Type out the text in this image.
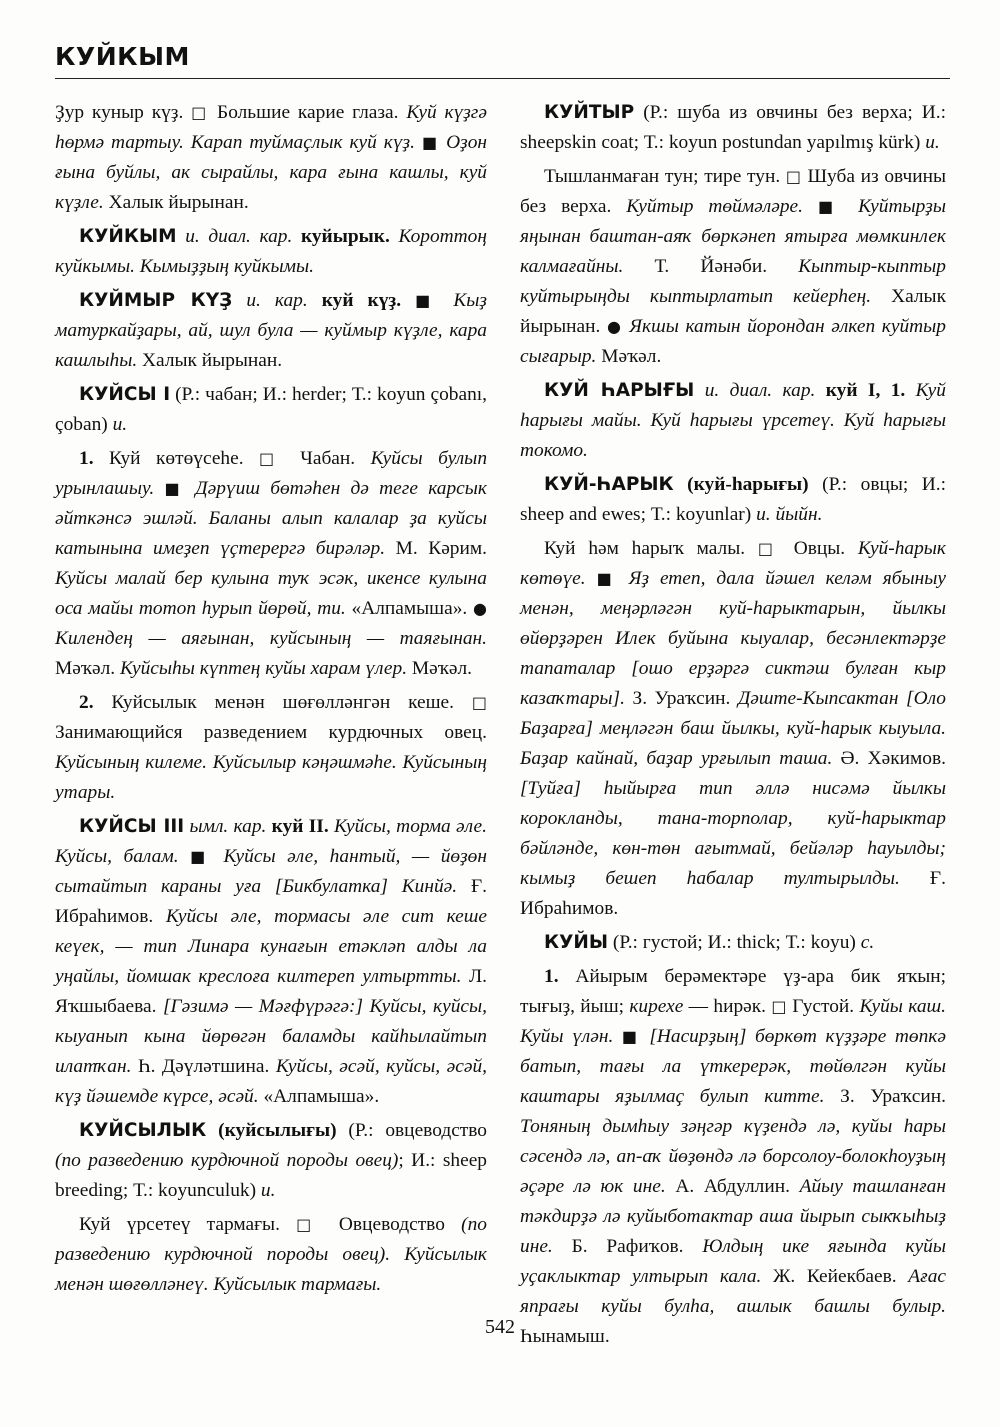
КУЙКЫМ

Ҙур куныр күҙ. □ Большие карие глаза. Куй күҙгә һөрмә тартыу. Карап туймаҫлык куй күҙ. ■ Оҙон ғына буйлы, ак сырайлы, кара ғына кашлы, куй күҙле. Халык йырынан.

КУЙКЫМ и. диал. кар. куйырык. Короттоң куйкымы. Кымыҙҙың куйкымы.

КУЙМЫР КҮҘ и. кар. куй күҙ. ■ Кыҙ матуркайҙары, ай, шул була — куймыр күҙле, кара кашлыһы. Халык йырынан.

КУЙСЫ I (Р.: чабан; И.: herder; Т.: koyun çobanı, çoban) и.

1. Куй көтөүсеһе. □ Чабан. Куйсы булып урынлашыу. ■ Дәрүиш бөтәһен дә теге карсык әйткәнсә эшләй. Баланы алып калалар ҙа куйсы катынына имеҙеп үҫтерергә бирәләр. М. Кәрим. Куйсы малай бер кулына туҡ эсәк, икенсе кулына оса майы тотоп һурып йөрөй, ти. «Алпамыша». ● Килендең — аяғынан, куйсының — таяғынан. Мәҡәл. Куйсыһы күптең куйы харам үлер. Мәҡәл.

2. Куйсылык менән шөғөлләнгән кеше. □ Занимающийся разведением курдючных овец. Куйсының килеме. Куйсылыр кәңәшмәһе. Куйсының утары.

КУЙСЫ III ымл. кар. куй II. Куйсы, торма әле. Куйсы, балам. ■ Куйсы әле, һантый, — йөҙөн сытайтып караны уға [Бикбулатка] Кинйә. Ғ. Ибраһимов. Куйсы әле, тормасы әле сит кеше кеүек, — тип Линара кунағын етәкләп алды ла уңайлы, йомшак креслоға килтереп ултыртты. Л. Яҡшыбаева. [Гәзимә — Мәғфүрәгә:] Куйсы, куйсы, кыуанып кына йөрөгән баламды кайһылайтып илатҡан. Һ. Дәүләтшина. Куйсы, әсәй, куйсы, әсәй, күҙ йәшемде күрсе, әсәй. «Алпамыша».

КУЙСЫЛЫК (куйсылығы) (Р.: овцеводство (по разведению курдючной породы овец); И.: sheep breeding; Т.: koyunculuk) и.

Куй үрсетеү тармағы. □ Овцеводство (по разведению курдючной породы овец). Куйсылык менән шөғөлләнеү. Куйсылык тармағы.

КУЙТЫР (Р.: шуба из овчины без верха; И.: sheepskin coat; Т.: koyun postundan yapılmış kürk) и.

Тышланмаған тун; тире тун. □ Шуба из овчины без верха. Куйтыр төймәләре. ■ Куйтырҙы яңынан баштан-аяҡ бөркәнеп ятырға мөмкинлек калмағайны. Т. Йәнәби. Кыптыр-кыптыр куйтырыңды кыптырлатып кейерһең. Халык йырынан. ● Якшы катын йорондан әлкеп куйтыр сығарыр. Мәҡәл.

КУЙ ҺАРЫҒЫ и. диал. кар. куй I, 1. Куй һарығы майы. Куй һарығы үрсетеү. Куй һарығы токомо.

КУЙ-ҺАРЫК (куй-һарығы) (Р.: овцы; И.: sheep and ewes; Т.: koyunlar) и. йыйн.

Куй һәм һарыҡ малы. □ Овцы. Куй-һарык көтөүе. ■ Яҙ етеп, дала йәшел келәм ябыныу менән, меңәрләгән куй-һарыктарын, йылкы өйөрҙәрен Илек буйына кыуалар, бесәнлектәрҙе тапаталар [ошо ерҙәргә сиктәш булған кыр казаҡтары]. З. Ураҡсин. Дәште-Кыпсактан [Оло Баҙарға] меңләгән баш йылкы, куй-һарык кыуыла. Баҙар кайнай, баҙар урғылып таша. Ә. Хәкимов. [Туйға] һыйырға тип әллә нисәмә йылкы корокланды, тана-торполар, куй-һарыктар бәйләнде, көн-төн ағытмай, бейәләр һауылды; кымыҙ бешеп һабалар тултырылды. Ғ. Ибраһимов.

КУЙЫ (Р.: густой; И.: thick; Т.: koyu) с.

1. Айырым берәмектәре үҙ-ара бик яҡын; тығыҙ, йыш; кирехе — һирәк. □ Густой. Куйы каш. Куйы үлән. ■ [Насирҙың] бөркөт күҙҙәре төпкә батып, тағы ла үткерерәк, төйөлгән куйы каштары яҙылмаҫ булып китте. З. Ураҡсин. Тоняның дымһыу зәңгәр күҙендә лә, куйы һары сәсендә лә, ап-аҡ йөҙөндә лә борсолоу-болокһоуҙың әҫәре лә юк ине. А. Абдуллин. Айыу ташланған тәкдирҙә лә куйыботактар аша йырып сыкҡыһыҙ ине. Б. Рафиҡов. Юлдың ике яғында куйы уҫаклыктар ултырып кала. Ж. Кейекбаев. Ағас япрағы куйы булһа, ашлык башлы булыр. Һынамыш.

542
